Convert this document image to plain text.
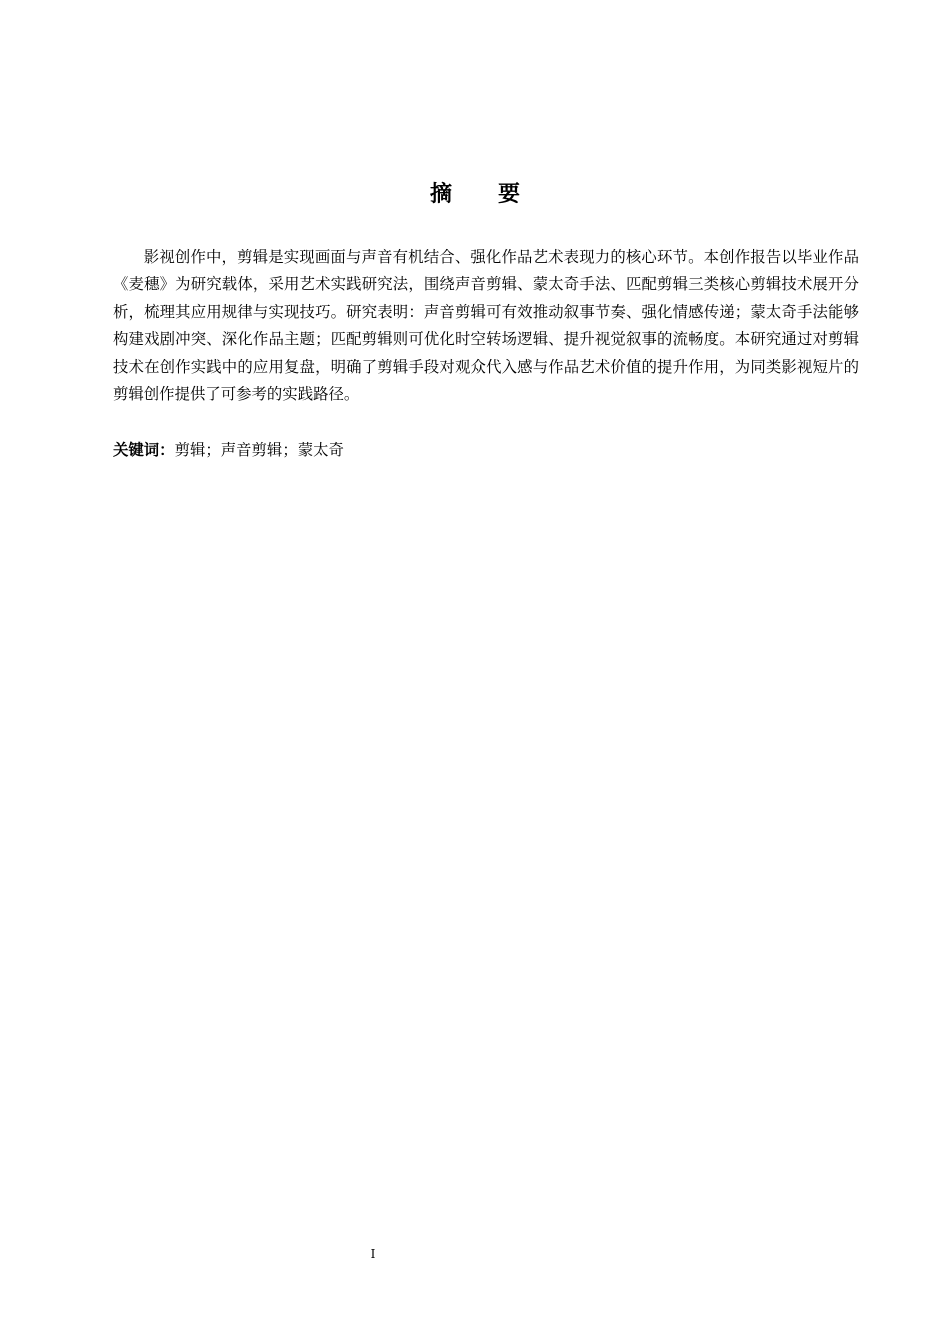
摘 要

影视创作中，剪辑是实现画面与声音有机结合、强化作品艺术表现力的核心环节。本创作报告以毕业作品《麦穗》为研究载体，采用艺术实践研究法，围绕声音剪辑、蒙太奇手法、匹配剪辑三类核心剪辑技术展开分析，梳理其应用规律与实现技巧。研究表明：声音剪辑可有效推动叙事节奏、强化情感传递；蒙太奇手法能够构建戏剧冲突、深化作品主题；匹配剪辑则可优化时空转场逻辑、提升视觉叙事的流畅度。本研究通过对剪辑技术在创作实践中的应用复盘，明确了剪辑手段对观众代入感与作品艺术价值的提升作用，为同类影视短片的剪辑创作提供了可参考的实践路径。

关键词：剪辑；声音剪辑；蒙太奇

I
